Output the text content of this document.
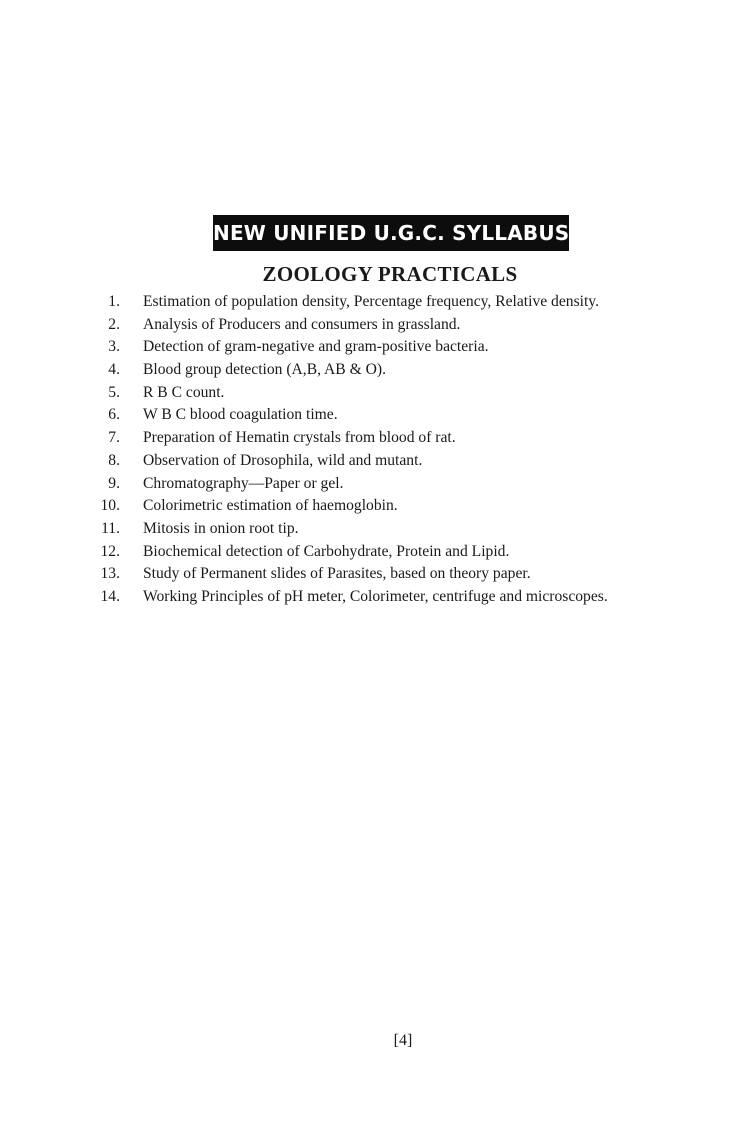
NEW UNIFIED U.G.C. SYLLABUS
ZOOLOGY PRACTICALS
1. Estimation of population density, Percentage frequency, Relative density.
2. Analysis of Producers and consumers in grassland.
3. Detection of gram-negative and gram-positive bacteria.
4. Blood group detection (A,B, AB & O).
5. R B C count.
6. W B C blood coagulation time.
7. Preparation of Hematin crystals from blood of rat.
8. Observation of Drosophila, wild and mutant.
9. Chromatography—Paper or gel.
10. Colorimetric estimation of haemoglobin.
11. Mitosis in onion root tip.
12. Biochemical detection of Carbohydrate, Protein and Lipid.
13. Study of Permanent slides of Parasites, based on theory paper.
14. Working Principles of pH meter, Colorimeter, centrifuge and microscopes.
[4]
